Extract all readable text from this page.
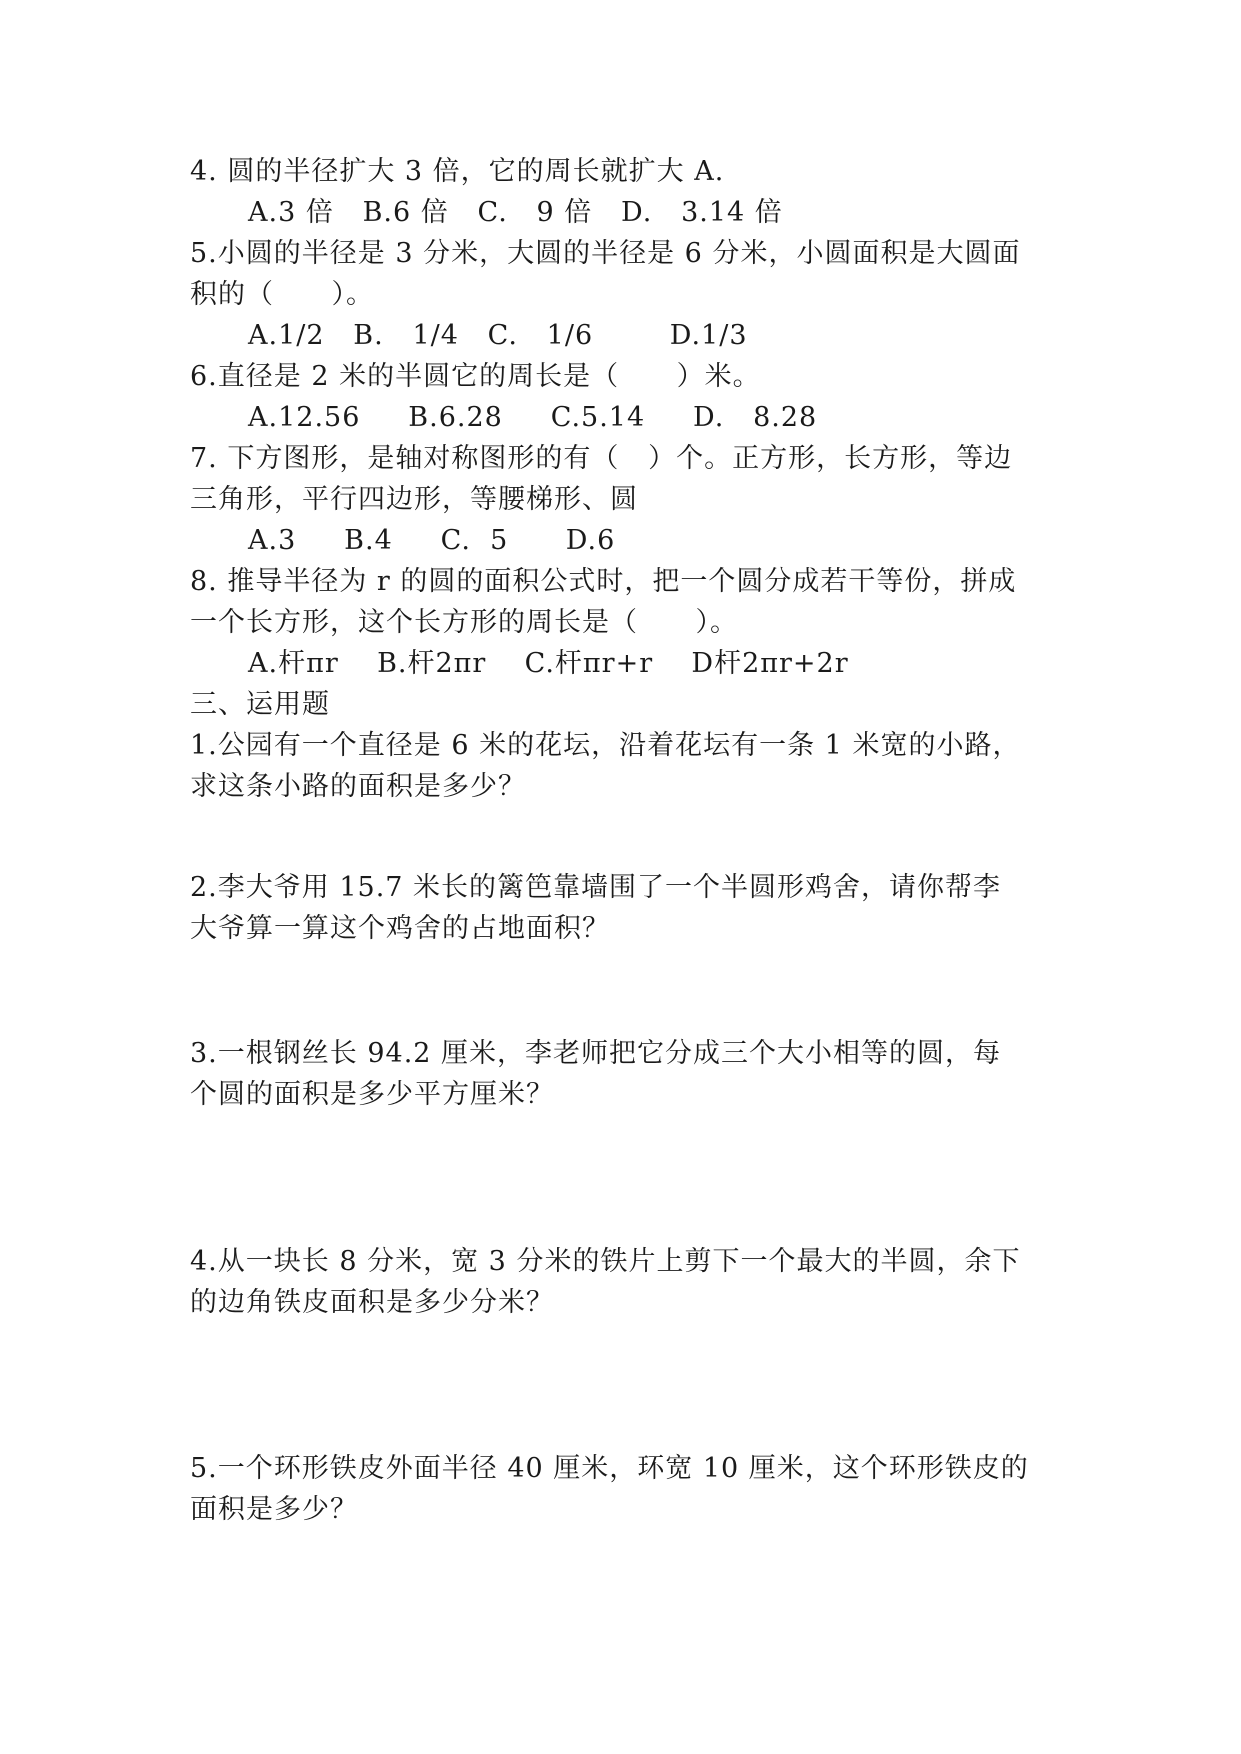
4. 圆的半径扩大 3 倍，它的周长就扩大 A.
A.3 倍   B.6 倍   C.   9 倍   D.   3.14 倍
5.小圆的半径是 3 分米，大圆的半径是 6 分米，小圆面积是大圆面
积的（      ）。
A.1/2   B.   1/4   C.   1/6        D.1/3
6.直径是 2 米的半圆它的周长是（      ）米。
A.12.56     B.6.28     C.5.14     D.   8.28
7. 下方图形，是轴对称图形的有（   ）个。正方形，长方形，等边
三角形，平行四边形，等腰梯形、圆
A.3     B.4     C.  5      D.6
8. 推导半径为 r 的圆的面积公式时，把一个圆分成若干等份，拼成
一个长方形，这个长方形的周长是（      ）。
A.杆πr    B.杆2πr    C.杆πr+r    D杆2πr+2r
三、运用题
1.公园有一个直径是 6 米的花坛，沿着花坛有一条 1 米宽的小路，
求这条小路的面积是多少？
2.李大爷用 15.7 米长的篱笆靠墙围了一个半圆形鸡舍，请你帮李
大爷算一算这个鸡舍的占地面积？
3.一根钢丝长 94.2 厘米，李老师把它分成三个大小相等的圆，每
个圆的面积是多少平方厘米？
4.从一块长 8 分米，宽 3 分米的铁片上剪下一个最大的半圆，余下
的边角铁皮面积是多少分米？
5.一个环形铁皮外面半径 40 厘米，环宽 10 厘米，这个环形铁皮的
面积是多少？
